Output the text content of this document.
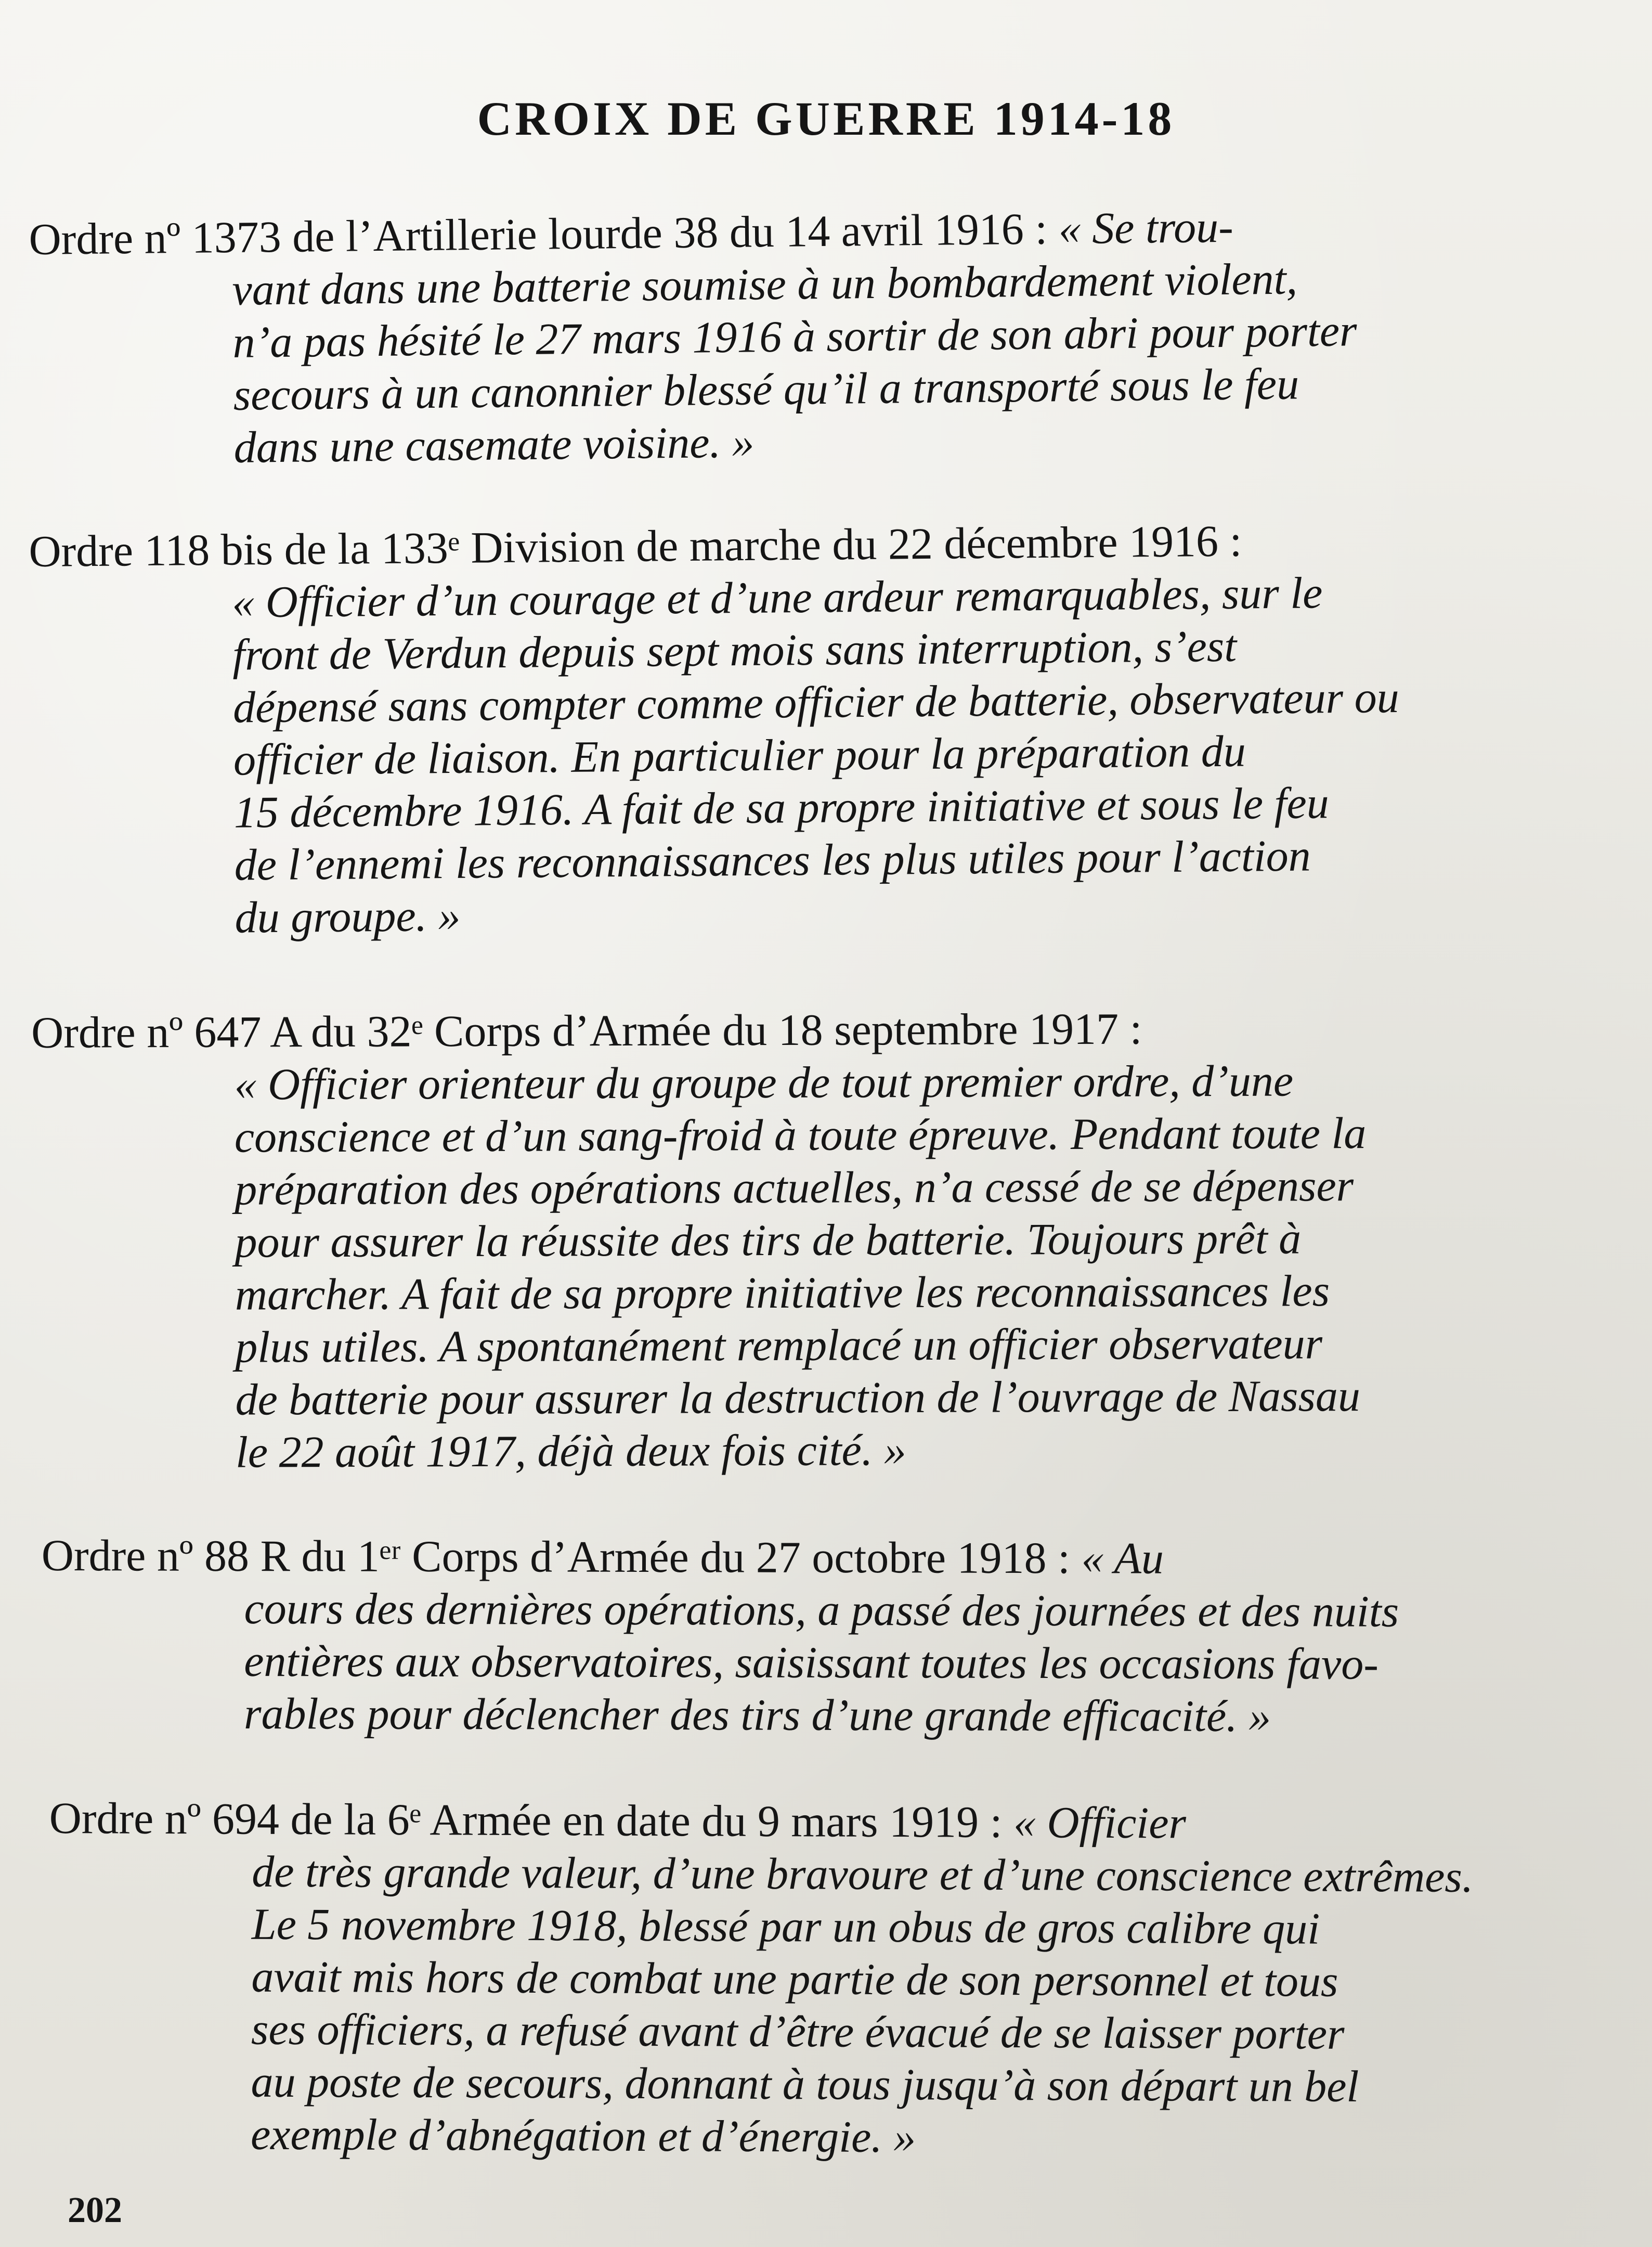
CROIX DE GUERRE 1914-18
Ordre nº 1373 de l’Artillerie lourde 38 du 14 avril 1916 : « Se trou-
vant dans une batterie soumise à un bombardement violent,
n’a pas hésité le 27 mars 1916 à sortir de son abri pour porter
secours à un canonnier blessé qu’il a transporté sous le feu
dans une casemate voisine. »
Ordre 118 bis de la 133ᵉ Division de marche du 22 décembre 1916 :
« Officier d’un courage et d’une ardeur remarquables, sur le
front de Verdun depuis sept mois sans interruption, s’est
dépensé sans compter comme officier de batterie, observateur ou
officier de liaison. En particulier pour la préparation du
15 décembre 1916. A fait de sa propre initiative et sous le feu
de l’ennemi les reconnaissances les plus utiles pour l’action
du groupe. »
Ordre nº 647 A du 32ᵉ Corps d’Armée du 18 septembre 1917 :
« Officier orienteur du groupe de tout premier ordre, d’une
conscience et d’un sang-froid à toute épreuve. Pendant toute la
préparation des opérations actuelles, n’a cessé de se dépenser
pour assurer la réussite des tirs de batterie. Toujours prêt à
marcher. A fait de sa propre initiative les reconnaissances les
plus utiles. A spontanément remplacé un officier observateur
de batterie pour assurer la destruction de l’ouvrage de Nassau
le 22 août 1917, déjà deux fois cité. »
Ordre nº 88 R du 1ᵉʳ Corps d’Armée du 27 octobre 1918 : « Au
cours des dernières opérations, a passé des journées et des nuits
entières aux observatoires, saisissant toutes les occasions favo-
rables pour déclencher des tirs d’une grande efficacité. »
Ordre nº 694 de la 6ᵉ Armée en date du 9 mars 1919 : « Officier
de très grande valeur, d’une bravoure et d’une conscience extrêmes.
Le 5 novembre 1918, blessé par un obus de gros calibre qui
avait mis hors de combat une partie de son personnel et tous
ses officiers, a refusé avant d’être évacué de se laisser porter
au poste de secours, donnant à tous jusqu’à son départ un bel
exemple d’abnégation et d’énergie. »
202
